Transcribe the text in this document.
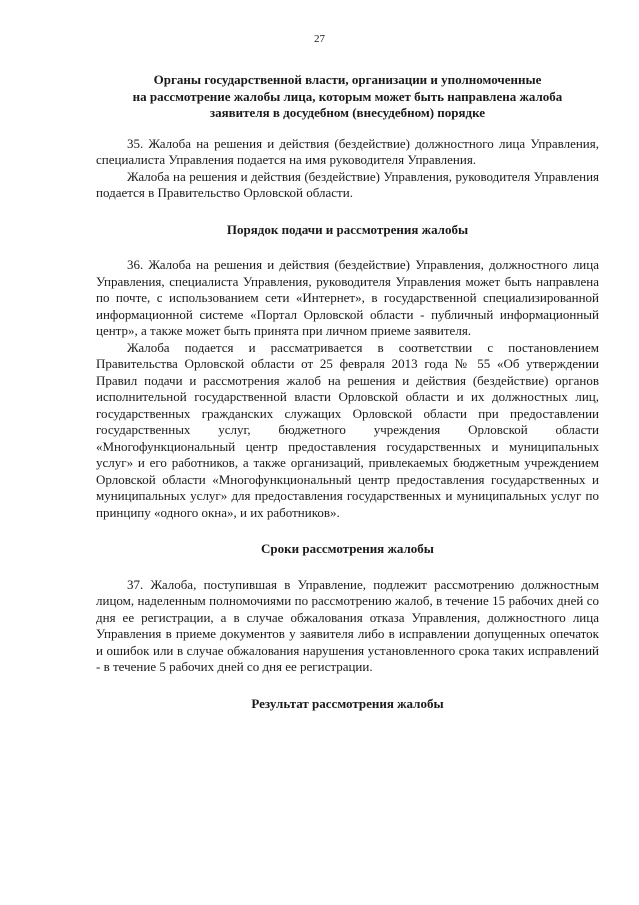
27
Органы государственной власти, организации и уполномоченные
на рассмотрение жалобы лица, которым может быть направлена жалоба
заявителя в досудебном (внесудебном) порядке

35. Жалоба на решения и действия (бездействие) должностного лица Управления, специалиста Управления подается на имя руководителя Управления.

Жалоба на решения и действия (бездействие) Управления, руководителя Управления подается в Правительство Орловской области.

Порядок подачи и рассмотрения жалобы

36. Жалоба на решения и действия (бездействие) Управления, должностного лица Управления, специалиста Управления, руководителя Управления может быть направлена по почте, с использованием сети «Интернет», в государственной специализированной информационной системе «Портал Орловской области - публичный информационный центр», а также может быть принята при личном приеме заявителя.

Жалоба подается и рассматривается в соответствии с постановлением Правительства Орловской области от 25 февраля 2013 года № 55 «Об утверждении Правил подачи и рассмотрения жалоб на решения и действия (бездействие) органов исполнительной государственной власти Орловской области и их должностных лиц, государственных гражданских служащих Орловской области при предоставлении государственных услуг, бюджетного учреждения Орловской области «Многофункциональный центр предоставления государственных и муниципальных услуг» и его работников, а также организаций, привлекаемых бюджетным учреждением Орловской области «Многофункциональный центр предоставления государственных и муниципальных услуг» для предоставления государственных и муниципальных услуг по принципу «одного окна», и их работников».

Сроки рассмотрения жалобы

37. Жалоба, поступившая в Управление, подлежит рассмотрению должностным лицом, наделенным полномочиями по рассмотрению жалоб, в течение 15 рабочих дней со дня ее регистрации, а в случае обжалования отказа Управления, должностного лица Управления в приеме документов у заявителя либо в исправлении допущенных опечаток и ошибок или в случае обжалования нарушения установленного срока таких исправлений - в течение 5 рабочих дней со дня ее регистрации.

Результат рассмотрения жалобы
